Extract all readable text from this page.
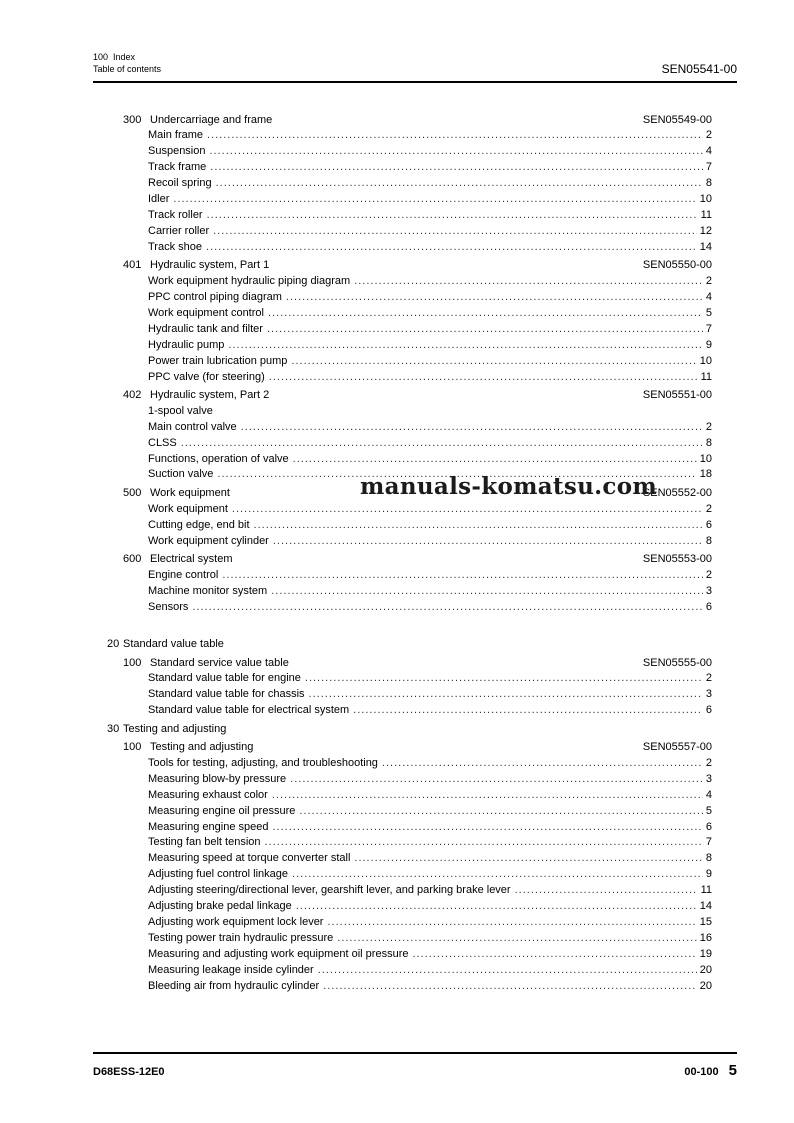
100  Index
Table of contents	SEN05541-00
300 Undercarriage and frame	SEN05549-00
Main frame .....	2
Suspension .....	4
Track frame .....	7
Recoil spring .....	8
Idler .....	10
Track roller .....	11
Carrier roller .....	12
Track shoe .....	14
401 Hydraulic system, Part 1	SEN05550-00
Work equipment hydraulic piping diagram .....	2
PPC control piping diagram .....	4
Work equipment control .....	5
Hydraulic tank and filter .....	7
Hydraulic pump .....	9
Power train lubrication pump .....	10
PPC valve (for steering) .....	11
402 Hydraulic system, Part 2	SEN05551-00
1-spool valve
Main control valve .....	2
CLSS .....	8
Functions, operation of valve .....	10
Suction valve .....	18
500 Work equipment	SEN05552-00
Work equipment .....	2
Cutting edge, end bit .....	6
Work equipment cylinder .....	8
600 Electrical system	SEN05553-00
Engine control .....	2
Machine monitor system .....	3
Sensors .....	6
20 Standard value table
100 Standard service value table	SEN05555-00
Standard value table for engine .....	2
Standard value table for chassis .....	3
Standard value table for electrical system .....	6
30 Testing and adjusting
100 Testing and adjusting	SEN05557-00
Tools for testing, adjusting, and troubleshooting .....	2
Measuring blow-by pressure .....	3
Measuring exhaust color .....	4
Measuring engine oil pressure .....	5
Measuring engine speed .....	6
Testing fan belt tension .....	7
Measuring speed at torque converter stall .....	8
Adjusting fuel control linkage .....	9
Adjusting steering/directional lever, gearshift lever, and parking brake lever .....	11
Adjusting brake pedal linkage .....	14
Adjusting work equipment lock lever .....	15
Testing power train hydraulic pressure .....	16
Measuring and adjusting work equipment oil pressure .....	19
Measuring leakage inside cylinder .....	20
Bleeding air from hydraulic cylinder .....	20
manuals-komatsu.com
D68ESS-12E0	00-100 5
